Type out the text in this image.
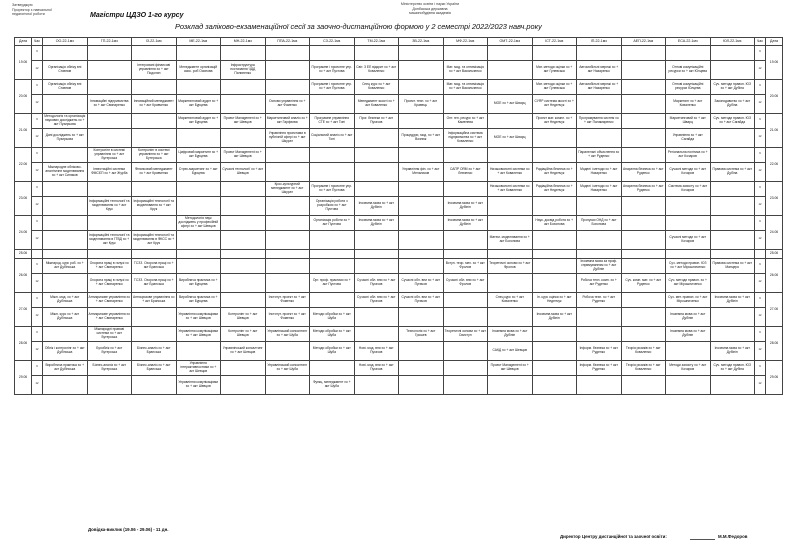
Затверджую
Проректор з навчальної
педагогічної роботи
Міністерство освіти і науки України
Донбаська державна
машинобудівна академія
Магістри ЦДЗО 1-го курсу
Розклад заліково-екзаменаційної сесії за заочно-дистанційною формою у 2 семестрі 2022/2023 навч.року
Дата	Час	ОО-22-1мз	ГП-22-1мз	ІЗ-22-1мз	МЕ-22-1мз	МН-22-1мз	ППА-22-1мз	СЗ-22-1мз	ТМ-22-1мз	ЗВ-22-1мз	МФ-22-1мз	ОМТ-22-1мз	ІСТ-22-1мз	ІП-22-1мз	АЕП-22-1мз	ЕСА-22-1мз	ЮЛ-22-1мз	Час	Дата
19.06	$^9$																	$^9$	19.06
	$^{12}$	Організація обліку вні Ставнов		Інтегровані фінансові управління хо + акт Подолян	Менеджмент організацій асис. роб Осипова	Інфраструктура постачання ЧДД Пилипенко		Програмне і проектне упр. хо + акт Пустова	Світ. 3 ЕЕ відкрит хо + акт Коваленко		Мат. мод. та оптимізація хо + акт Васильченко		Мат. методи оцінки хо + акт Гулевська	Автомобільні мережі хо + акт Назаренко		Оптові комунікаційні ресурси хо + акт Юлцева		$^{12}$
20.06	$^9$	Організація обліку вні Ставнов						Програмне і проектне упр. хо + акт Пустова	Спец курс хо + акт Коваленко		Мат. мод. та оптимізація хо + акт Васильченко		Мат. методи оцінки хо + акт Гулевська	Автомобільні мережі хо + акт Назаренко		Оптові комунікаційні ресурси Юлцева	Суч. методи правоп. ЮЗ хо + акт Дубіна	$^9$	20.06
	$^{12}$		Інноваційні підприємства хо + акт Свинаренко	Інноваційний менеджмент хо + акт Кравченко	Маркетинговий аудит хо + акт Бурцева		Основи управління хо + акт Фоменко		Менеджмент якості хо + акт Коваленко	Проект. техн. хо + акт Кравець		МОЕ хо + акт Шварц	СУЯР система якості хо + акт Неделчук			Маркетинг хо + акт Коваленко	Законодавство хо + акт Дубіна	$^{12}$
21.06	$^9$	Методологія та організація наукових досліджень хо + акт Пузирьова			Маркетинговий аудит хо + акт Бурцева	Проект Management хо + акт Шевцов	Маркетинговий аналіз хо + акт Гарфєєва	Програмне управління СТЕ хо + акт Тоні	Прог. безпеки хо + акт Пугачов		Опт. ген. ресурс хо + акт Каменева		Проект мат. компл. хо + акт Неделчук	Програмування систем хо + акт Паламаренко		Маркетинговий хо + акт Шварц	Суч. методи правоп. ЮЗ хо + акт Сагайда	$^9$	21.06
	$^{12}$	Дані досліджень хо + акт Пузирьова					Управління проектами в публічній сфері хо + акт Шкурат	Соціальний аналіз хо + акт Тоні		Процедури, мод. хо + акт Вознюк	Інформаційна система підприємства хо + акт Коваленко	МОЕ хо + акт Шварц				Управління хо + акт Сагайда		$^{12}$
22.06	$^9$		Контролінг в системі управління хо + акт Бутерська	Контролінг в системі управління хо + акт Бутерська	Цифровий маркетинг хо + акт Бурцева	Проект Management хо + акт Шевцов								Паралельні обчислення хо + акт Руденко		Регіональна політика хо + акт Кочаров		$^9$	22.06
	$^{12}$	Міжнародне обліково-аналітичне моделювання хо + акт Синяков	Інвестиційні системи ФМСЄП хо + акт Журба	Фінансовий менеджмент хо + акт Кравченко	Стрес-маркетинг хо + акт Бурцева	Сучасні технології хо + акт Шевцов				Управління фін. хо + акт Мельников	САПР ОЯМ хо + акт Левченко	Низьковольтні системи хо + акт Коваленко	Радіаційна безпека хо + акт Неделчук	Моделі і методи хо + акт Назаренко	Апаратна безпека хо + акт Руденко	Сучасні методи хо + акт Кочаров	Правова система хо + акт Дубіна	$^{12}$
23.06	$^9$						Крос-культурний менеджмент хо + акт Шкурат	Програмне і проектне упр. хо + акт Пустова				Низьковольтні системи хо + акт Коваленко	Радіаційна безпека хо + акт Неделчук	Моделі і методи хо + акт Назаренко	Апаратна безпека хо + акт Руденко	Система захисту хо + акт Кочаров		$^9$	23.06
	$^{12}$		Інформаційні технології та моделювання хо + акт Крук	Інформаційні технології та моделювання хо + акт Крук				Організація роботи з розробкою хо + акт Пустова	Іноземна мова хо + акт Дубінін		Іноземна мова хо + акт Дубінін							$^{12}$
24.06	$^9$				Методологія наук досліджень у професійній сфері хо + акт Шевцов			Організація роботи хо + акт Пустова	Іноземна мова хо + акт Дубінін		Іноземна мова хо + акт Дубінін		Наук. досвід робота хо + акт Бохонова	Пропуски ОНД хо + акт Бохонова				$^9$	24.06
	$^{12}$		Інформаційні технології та моделювання в ГГВД хо + акт Крук	Інформаційні технології та моделювання в ФКСС хо + акт Крук								Матем. моделювання хо + акт Бохонова				Сучасні методи хо + акт Кочаров		$^{12}$
25.06																			25.06
26.06	$^9$	Міжнарод. курс роб. хо + акт Дубінська	Охорона праці в галузі хо + акт Свинаренко	ТСЗЗ. Охорона праці хо + акт Бранська							Вступ. теор. мех. хо + акт Фролов	Теоретичні основи хо + акт Фролов		Іноземна мова за проф. спрямуванням хо + акт Дубінін		Суч. методи правоп. ЮЗ хо + акт Мірошниченко	Правова система хо + акт Манцеро	$^9$	26.06
	$^{12}$		Охорона праці в галузі хо + акт Свинаренко	ТСЗЗ. Охорона праці хо + акт Бранська	Виробнича практика хо + акт Бурцева			Орг. проф. практики хо + акт Пустова	Сучасні обл. вни хо + акт Пугачов	Сучасні обл. вни хо + акт Пугачов	Сучасні обл. вни хо + акт Фролов			Робоча техн. комп. хо + акт Руденко	Суч. комп. мат. хо + акт Руденко	Суч. методи правоп. хо + акт Мірошниченко		$^{12}$
27.06	$^9$	Міжн. мод. хо + акт Дубінська	Антикризове управління хо + акт Свинаренко	Антикризове управління хо + акт Бранська	Виробнича практика хо + акт Бурцева		Інститут. проект хо + акт Фоменко		Сучасні обл. вни хо + акт Пугачов	Сучасні обл. вни хо + акт Пугачов		Спец курс хо + акт Коваленко	Ін. курс оцінки хо + акт Неделчук	Робоча техн. хо + акт Руденко		Суч. мет. правоп. хо + акт Мірошниченко	Іноземна мова хо + акт Дубінін	$^9$	27.06
	$^{12}$	Міжн. курс хо + акт Дубінська	Антикризове управління хо + акт Свинаренко		Управління комунікаціями хо + акт Шевцов	Контролінг хо + акт Шевцов	Інститут. проект хо + акт Фоменко	Методи обробки хо + акт Шуба					Іноземна мова хо + акт Дубінін			Іноземна мова хо + акт Дубінін		$^{12}$
28.06	$^9$		Міжнародні правові системи хо + акт Бутерська		Управління комунікаціями хо + акт Шевцов	Контролінг хо + акт Шевцов	Управлінський консалтинг хо + акт Шуба	Методи обробки хо + акт Шуба		Технологія хо + акт Грошев	Теоретичні основи хо + акт Свистун	Іноземна мова хо + акт Дубінін				Іноземна мова хо + акт Дубінін		$^9$	28.06
	$^{12}$	Облік і контролінг хо + акт Дубінська	Бухоблік хо + акт Бутерська	Бізнес-аналіз хо + акт Бранська		Управлінський консалтинг хо + акт Шевцов		Методи обробки хо + акт Шуба	Нові. мод. вни хо + акт Пугачов			САКД хо + акт Шевцов		Інформ. безпека хо + акт Руденко	Теорія ризиків хо + акт Коваленко		Іноземна мова хо + акт Дубінін	$^{12}$
29.06	$^9$	Виробнича практика хо + акт Дубінська	Бізнес-аналіз хо + акт Бутерська	Бізнес-аналіз хо + акт Бранська	Управління інтерактивностями хо + акт Шевцов		Управлінський консалтинг хо + акт Шуба		Нові. мод. вни хо + акт Пугачов			Проект Management хо + акт Шевцов		Інформ. безпека хо + акт Руденко	Теорія ризиків хо + акт Коваленко	Методи захисту хо + акт Кочаров	Суч. методи правоп. ЮЗ хо + акт Дубіна	$^9$	29.06
	$^{12}$				Управління комунікаціями хо + акт Шевцов			Функц. менеджмент хо + акт Шуба										$^{12}$
Довідка-виклик (19.06 - 29.06) - 11 дн.
Директор Центру дистанційної та заочної освіти:	М.М.Федоров
